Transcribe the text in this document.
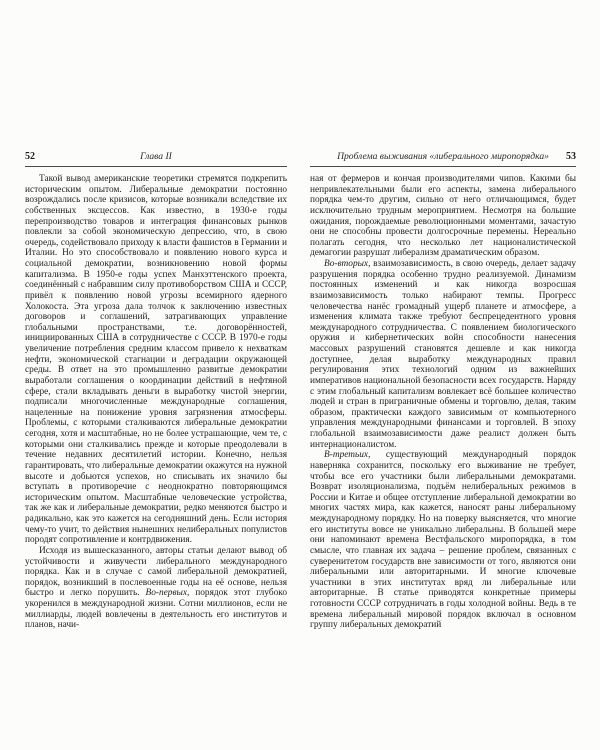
52	Глава II

Такой вывод американские теоретики стремятся подкрепить историческим опытом. Либеральные демократии постоянно возрождались после кризисов, которые возникали вследствие их собственных эксцессов. Как известно, в 1930-е годы перепроизводство товаров и интеграция финансовых рынков повлекли за собой экономическую депрессию, что, в свою очередь, содействовало приходу к власти фашистов в Германии и Италии. Но это способствовало и появлению нового курса и социальной демократии, возникновению новой формы капитализма. В 1950-е годы успех Манхэттенского проекта, соединённый с набравшим силу противоборством США и СССР, привёл к появлению новой угрозы всемирного ядерного Холокоста. Эта угроза дала толчок к заключению известных договоров и соглашений, затрагивающих управление глобальными пространствами, т.е. договорённостей, инициированных США в сотрудничестве с СССР. В 1970-е годы увеличение потребления средним классом привело к нехваткам нефти, экономической стагнации и деградации окружающей среды. В ответ на это промышленно развитые демократии выработали соглашения о координации действий в нефтяной сфере, стали вкладывать деньги в выработку чистой энергии, подписали многочисленные международные соглашения, нацеленные на понижение уровня загрязнения атмосферы. Проблемы, с которыми сталкиваются либеральные демократии сегодня, хотя и масштабные, но не более устрашающие, чем те, с которыми они сталкивались прежде и которые преодолевали в течение недавних десятилетий истории. Конечно, нельзя гарантировать, что либеральные демократии окажутся на нужной высоте и добьются успехов, но списывать их значило бы вступать в противоречие с неоднократно повторяющимся историческим опытом. Масштабные человеческие устройства, так же как и либеральные демократии, редко меняются быстро и радикально, как это кажется на сегодняшний день. Если история чему-то учит, то действия нынешних нелиберальных популистов породят сопротивление и контрдвижения.

Исходя из вышесказанного, авторы статьи делают вывод об устойчивости и живучести либерального международного порядка. Как и в случае с самой либеральной демократией, порядок, возникший в послевоенные годы на её основе, нельзя быстро и легко порушить. Во-первых, порядок этот глубоко укоренился в международной жизни. Сотни миллионов, если не миллиарды, людей вовлечены в деятельность его институтов и планов, начи-

Проблема выживания «либерального миропорядка»	53

ная от фермеров и кончая производителями чипов. Какими бы непривлекательными были его аспекты, замена либерального порядка чем-то другим, сильно от него отличающимся, будет исключительно трудным мероприятием. Несмотря на большие ожидания, порождаемые революционными моментами, зачастую они не способны провести долгосрочные перемены. Нереально полагать сегодня, что несколько лет националистической демагогии разрушат либерализм драматическим образом.

Во-вторых, взаимозависимость, в свою очередь, делает задачу разрушения порядка особенно трудно реализуемой. Динамизм постоянных изменений и как никогда возросшая взаимозависимость только набирают темпы. Прогресс человечества нанёс громадный ущерб планете и атмосфере, а изменения климата также требуют беспрецедентного уровня международного сотрудничества. С появлением биологического оружия и кибернетических войн способности нанесения массовых разрушений становятся дешевле и как никогда доступнее, делая выработку международных правил регулирования этих технологий одним из важнейших императивов национальной безопасности всех государств. Наряду с этим глобальный капитализм вовлекает всё большее количество людей и стран в приграничные обмены и торговлю, делая, таким образом, практически каждого зависимым от компьютерного управления международными финансами и торговлей. В эпоху глобальной взаимозависимости даже реалист должен быть интернационалистом.

В-третьих, существующий международный порядок наверняка сохранится, поскольку его выживание не требует, чтобы все его участники были либеральными демократами. Возврат изоляционализма, подъём нелиберальных режимов в России и Китае и общее отступление либеральной демократии во многих частях мира, как кажется, наносят раны либеральному международному порядку. Но на поверку выясняется, что многие его институты вовсе не уникально либеральны. В большей мере они напоминают времена Вестфальского миропорядка, в том смысле, что главная их задача – решение проблем, связанных с суверенитетом государств вне зависимости от того, являются они либеральными или авторитарными. И многие ключевые участники в этих институтах вряд ли либеральные или авторитарные. В статье приводятся конкретные примеры готовности СССР сотрудничать в годы холодной войны. Ведь в те времена либеральный мировой порядок включал в основном группу либеральных демократий
